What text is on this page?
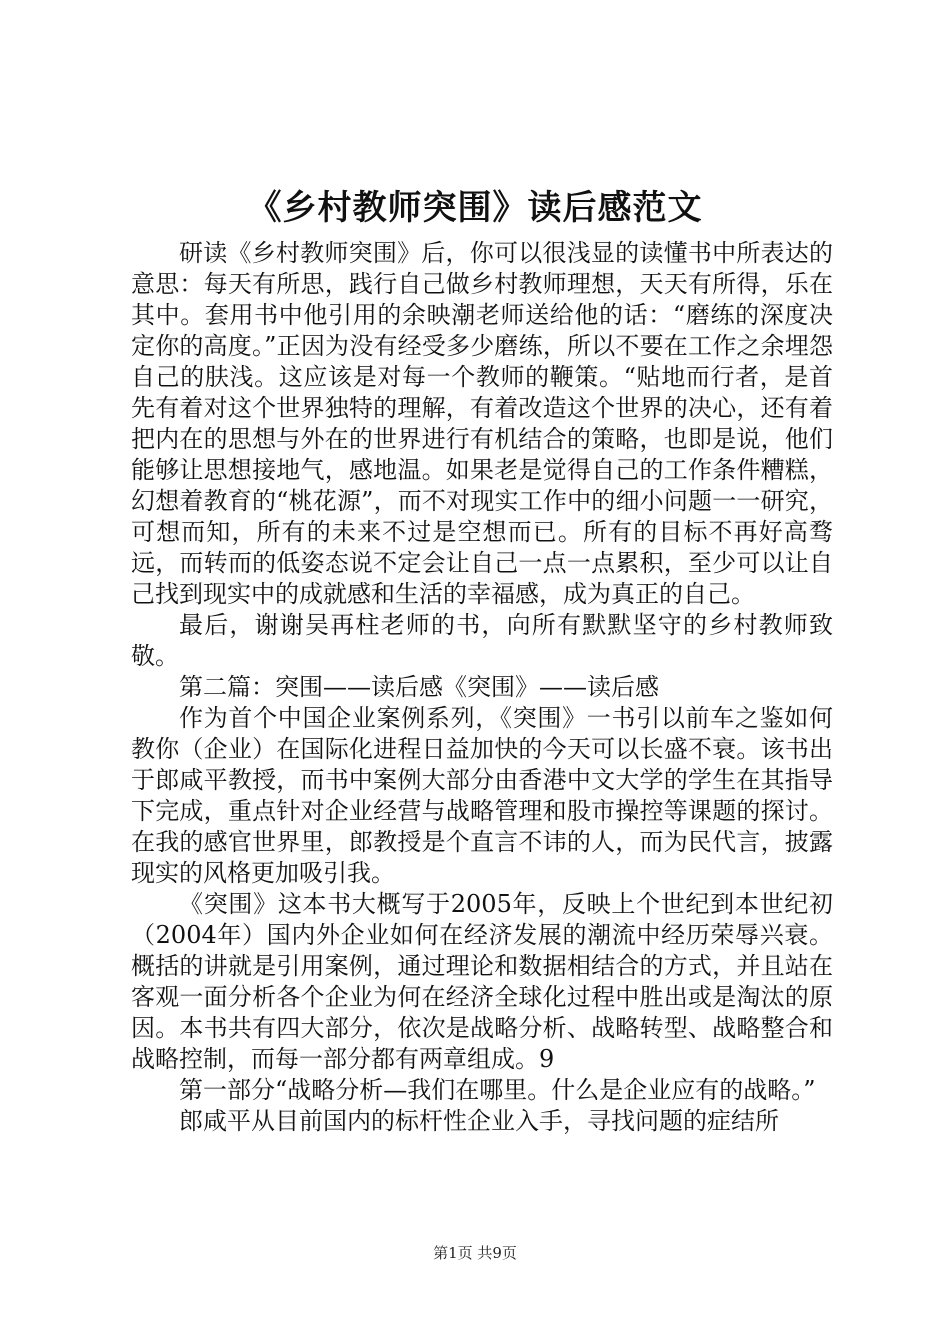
《乡村教师突围》读后感范文

研读《乡村教师突围》后，你可以很浅显的读懂书中所表达的意思：每天有所思，践行自己做乡村教师理想，天天有所得，乐在其中。套用书中他引用的余映潮老师送给他的话：“磨练的深度决定你的高度。”正因为没有经受多少磨练，所以不要在工作之余埋怨自己的肤浅。这应该是对每一个教师的鞭策。“贴地而行者，是首先有着对这个世界独特的理解，有着改造这个世界的决心，还有着把内在的思想与外在的世界进行有机结合的策略，也即是说，他们能够让思想接地气，感地温。如果老是觉得自己的工作条件糟糕，幻想着教育的“桃花源”，而不对现实工作中的细小问题一一研究，可想而知，所有的未来不过是空想而已。所有的目标不再好高骛远，而转而的低姿态说不定会让自己一点一点累积，至少可以让自己找到现实中的成就感和生活的幸福感，成为真正的自己。

最后，谢谢吴再柱老师的书，向所有默默坚守的乡村教师致敬。

第二篇：突围——读后感《突围》——读后感

作为首个中国企业案例系列，《突围》一书引以前车之鉴如何教你（企业）在国际化进程日益加快的今天可以长盛不衰。该书出于郎咸平教授，而书中案例大部分由香港中文大学的学生在其指导下完成，重点针对企业经营与战略管理和股市操控等课题的探讨。在我的感官世界里，郎教授是个直言不讳的人，而为民代言，披露现实的风格更加吸引我。

《突围》这本书大概写于2005年，反映上个世纪到本世纪初（2004年）国内外企业如何在经济发展的潮流中经历荣辱兴衰。概括的讲就是引用案例，通过理论和数据相结合的方式，并且站在客观一面分析各个企业为何在经济全球化过程中胜出或是淘汰的原因。本书共有四大部分，依次是战略分析、战略转型、战略整合和战略控制，而每一部分都有两章组成。9

第一部分“战略分析—我们在哪里。什么是企业应有的战略。”

郎咸平从目前国内的标杆性企业入手，寻找问题的症结所

第1页 共9页
